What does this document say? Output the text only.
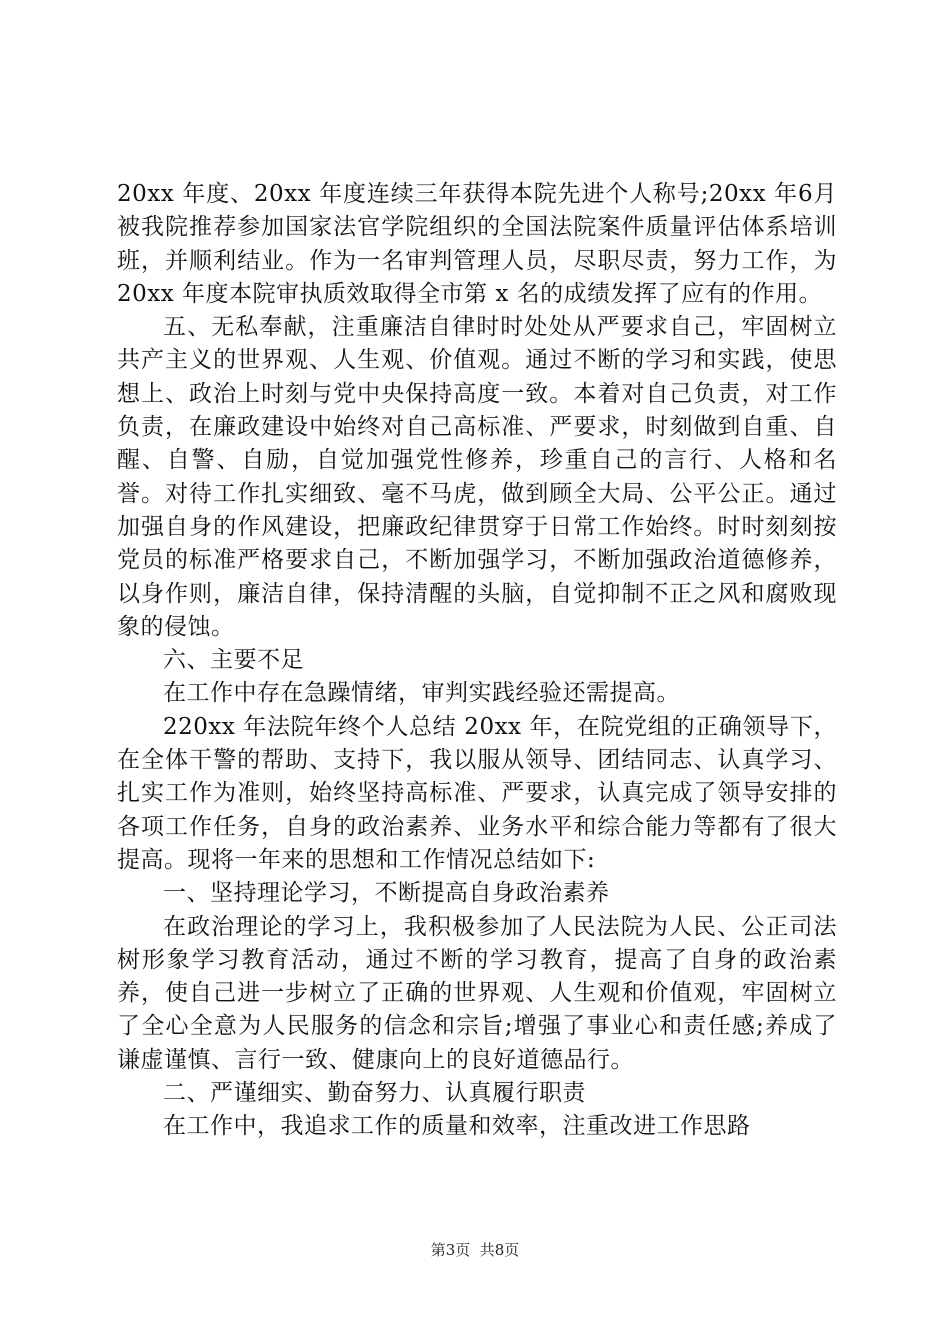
20xx 年度、20xx 年度连续三年获得本院先进个人称号;20xx 年6月被我院推荐参加国家法官学院组织的全国法院案件质量评估体系培训班，并顺利结业。作为一名审判管理人员，尽职尽责，努力工作，为 20xx 年度本院审执质效取得全市第 x 名的成绩发挥了应有的作用。

五、无私奉献，注重廉洁自律时时处处从严要求自己，牢固树立共产主义的世界观、人生观、价值观。通过不断的学习和实践，使思想上、政治上时刻与党中央保持高度一致。本着对自己负责，对工作负责，在廉政建设中始终对自己高标准、严要求，时刻做到自重、自醒、自警、自励，自觉加强党性修养，珍重自己的言行、人格和名誉。对待工作扎实细致、毫不马虎，做到顾全大局、公平公正。通过加强自身的作风建设，把廉政纪律贯穿于日常工作始终。时时刻刻按党员的标准严格要求自己，不断加强学习，不断加强政治道德修养，以身作则，廉洁自律，保持清醒的头脑，自觉抑制不正之风和腐败现象的侵蚀。

六、主要不足

在工作中存在急躁情绪，审判实践经验还需提高。

220xx 年法院年终个人总结 20xx 年，在院党组的正确领导下，在全体干警的帮助、支持下，我以服从领导、团结同志、认真学习、扎实工作为准则，始终坚持高标准、严要求，认真完成了领导安排的各项工作任务，自身的政治素养、业务水平和综合能力等都有了很大提高。现将一年来的思想和工作情况总结如下:

一、坚持理论学习，不断提高自身政治素养

在政治理论的学习上，我积极参加了人民法院为人民、公正司法树形象学习教育活动，通过不断的学习教育，提高了自身的政治素养，使自己进一步树立了正确的世界观、人生观和价值观，牢固树立了全心全意为人民服务的信念和宗旨;增强了事业心和责任感;养成了谦虚谨慎、言行一致、健康向上的良好道德品行。

二、严谨细实、勤奋努力、认真履行职责

在工作中，我追求工作的质量和效率，注重改进工作思路

第3页  共8页
